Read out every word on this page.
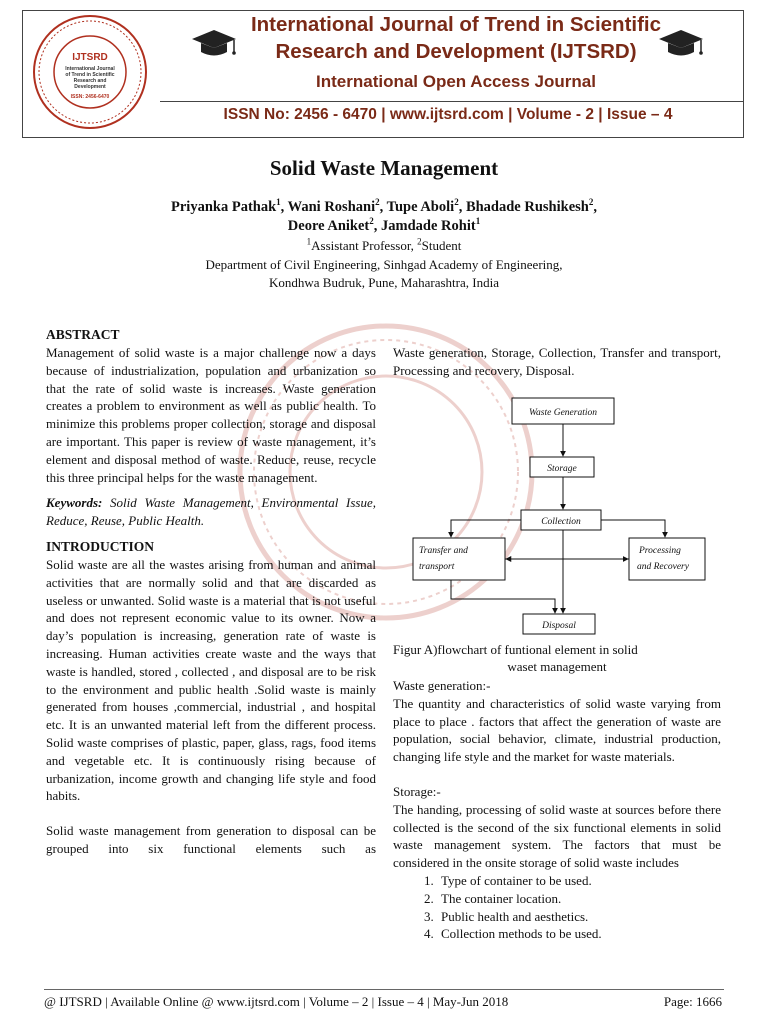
IJTSRD
International Journal
of Trend in Scientific
Research and
Development
ISSN: 2456-6470
International Journal of Trend in Scientific
Research and Development (IJTSRD)
International Open Access Journal
ISSN No: 2456 - 6470 | www.ijtsrd.com | Volume - 2 | Issue – 4
Solid Waste Management
Priyanka Pathak$^1$, Wani Roshani$^2$, Tupe Aboli$^2$, Bhadade Rushikesh$^2$,
Deore Aniket$^2$, Jamdade Rohit$^1$
$^1$Assistant Professor, $^2$Student
Department of Civil Engineering, Sinhgad Academy of Engineering,
Kondhwa Budruk, Pune, Maharashtra, India
ABSTRACT

Management of solid waste is a major challenge now a days because of industrialization, population and urbanization so that the rate of solid waste is increases. Waste generation creates a problem to environment as well as public health. To minimize this problems proper collection, storage and disposal are important. This paper is review of waste management, it’s element and disposal method of waste. Reduce, reuse, recycle this three principal helps for the waste management.

Keywords: Solid Waste Management, Environmental Issue, Reduce, Reuse, Public Health.

INTRODUCTION

Solid waste are all the wastes arising from human and animal activities that are normally solid and that are discarded as useless or unwanted. Solid waste is a material that is not useful and does not represent economic value to its owner. Now a day’s population is increasing, generation rate of waste is increasing. Human activities create waste and the ways that waste is handled, stored , collected , and disposal are to be risk to the environment and public health .Solid waste is mainly generated from houses ,commercial, industrial , and hospital etc. It is an unwanted material left from the different process. Solid waste comprises of plastic, paper, glass, rags, food items and vegetable etc. It is continuously rising because of urbanization, income growth and changing life style and food habits.

Solid waste management from generation to disposal can be grouped into six functional elements such as

Waste generation, Storage, Collection, Transfer and transport, Processing and recovery, Disposal.

Waste Generation
Storage
Collection
Transfer and
transport
Processing
and Recovery
Disposal
Figur A)flowchart of funtional element in solid
waset management

Waste generation:-

The quantity and characteristics of solid waste varying from place to place . factors that affect the generation of waste are population, social behavior, climate, industrial production, changing life style and the market for waste materials.

Storage:-

The handing, processing of solid waste at sources before there collected is the second of the six functional elements in solid waste management system. The factors that must be considered in the onsite storage of solid waste includes

1. Type of container to be used.
2. The container location.
3. Public health and aesthetics.
4. Collection methods to be used.
@ IJTSRD | Available Online @ www.ijtsrd.com | Volume – 2 | Issue – 4 | May-Jun 2018	Page: 1666
